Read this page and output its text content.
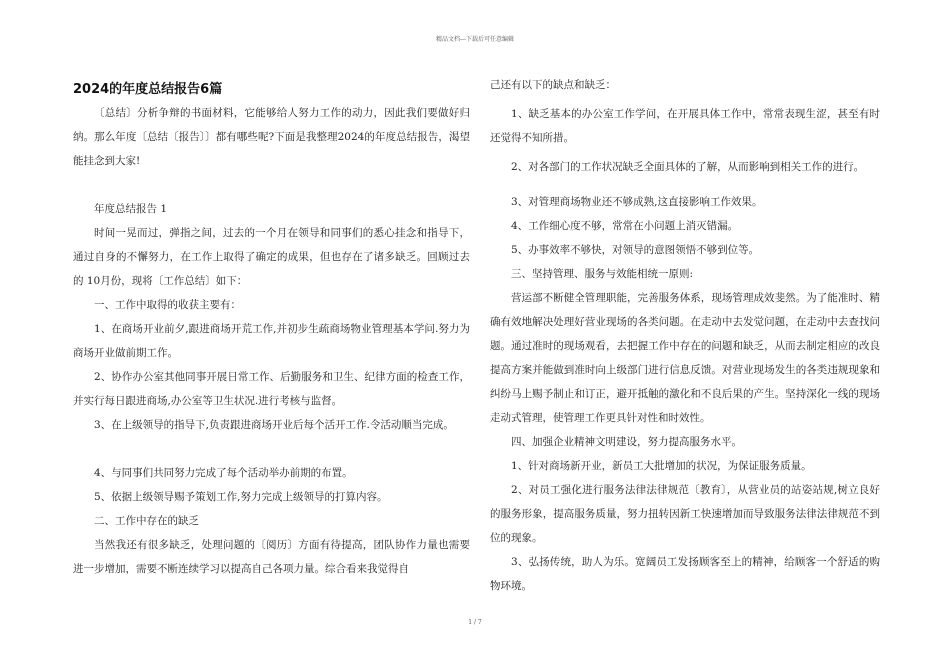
精品文档---下载后可任意编辑
2024的年度总结报告6篇

〔总结〕分析争辩的书面材料，它能够给人努力工作的动力，因此我们要做好归纳。那么年度〔总结〔报告〕〕都有哪些呢?下面是我整理2024的年度总结报告，渴望能挂念到大家!

年度总结报告 1

时间一晃而过，弹指之间，过去的一个月在领导和同事们的悉心挂念和指导下，通过自身的不懈努力，在工作上取得了确定的成果，但也存在了诸多缺乏。回顾过去的 10月份，现将〔工作总结〕如下：

一、工作中取得的收获主要有：

1、在商场开业前夕,跟进商场开荒工作,并初步生疏商场物业管理基本学问.努力为商场开业做前期工作。

2、协作办公室其他同事开展日常工作、后勤服务和卫生、纪律方面的检查工作，并实行每日跟进商场,办公室等卫生状况.进行考核与监督。

3、在上级领导的指导下,负责跟进商场开业后每个活开工作.令活动顺当完成。

4、与同事们共同努力完成了每个活动举办前期的布置。

5、依据上级领导赐予策划工作,努力完成上级领导的打算内容。

二、工作中存在的缺乏

当然我还有很多缺乏，处理问题的〔阅历〕方面有待提高，团队协作力量也需要进一步增加，需要不断连续学习以提高自己各项力量。综合看来我觉得自

己还有以下的缺点和缺乏：

1、缺乏基本的办公室工作学问，在开展具体工作中，常常表现生涩，甚至有时还觉得不知所措。

2、对各部门的工作状况缺乏全面具体的了解，从而影响到相关工作的进行。

3、对管理商场物业还不够成熟,这直接影响工作效果。

4、工作细心度不够，常常在小问题上消灭错漏。

5、办事效率不够快，对领导的意图领悟不够到位等。

三、坚持管理、服务与效能相统一原则:

营运部不断健全管理职能，完善服务体系，现场管理成效斐然。为了能准时、精确有效地解决处理好营业现场的各类问题。在走动中去发觉问题，在走动中去查找问题。通过准时的现场观看，去把握工作中存在的问题和缺乏，从而去制定相应的改良提高方案并能做到准时向上级部门进行信息反馈。对营业现场发生的各类违规现象和纠纷马上赐予制止和订正，避开抵触的激化和不良后果的产生。坚持深化一线的现场走动式管理，使管理工作更具针对性和时效性。

四、加强企业精神文明建设，努力提高服务水平。

1、针对商场新开业，新员工大批增加的状况，为保证服务质量。

2、对员工强化进行服务法律法律规范〔教育〕，从营业员的站姿站规,树立良好的服务形象，提高服务质量，努力扭转因新工快速增加而导致服务法律法律规范不到位的现象。

3、弘扬传统，助人为乐。宽阔员工发扬顾客至上的精神，给顾客一个舒适的购物环境。

1 / 7
